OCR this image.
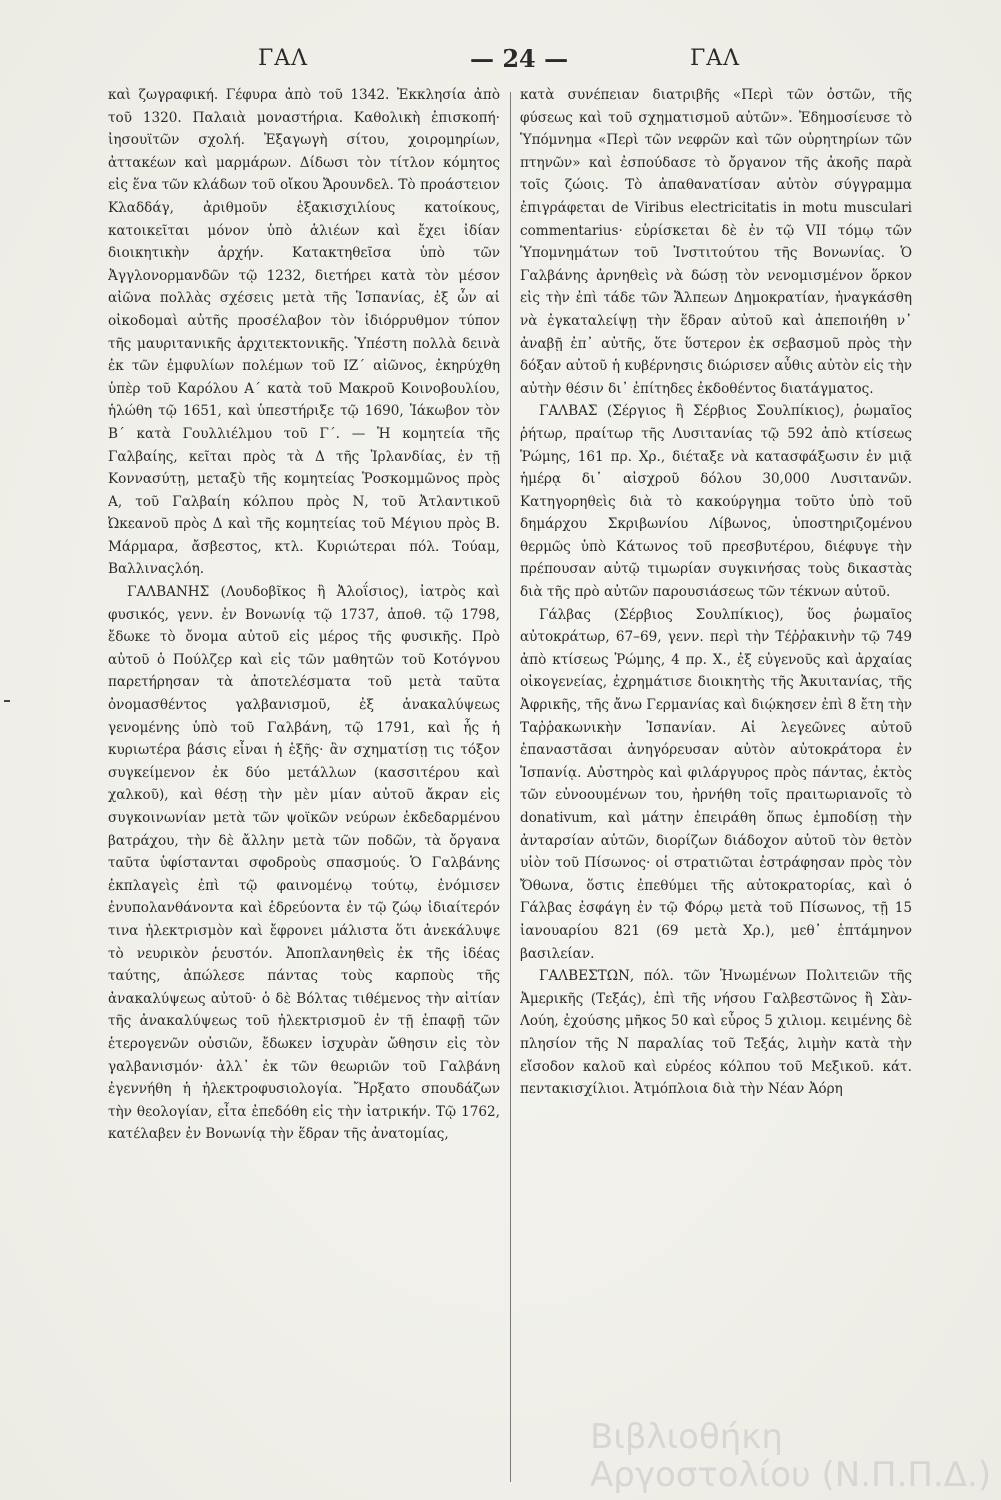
ΓΑΛ	— 24 —	ΓΑΛ

καὶ ζωγραφική. Γέφυρα ἀπὸ τοῦ 1342. Ἐκκλησία ἀπὸ τοῦ 1320. Παλαιὰ μοναστήρια. Καθολικὴ ἐπισκοπή· ἰησουϊτῶν σχολή. Ἐξαγωγὴ σίτου, χοιρομηρίων, ἀττακέων καὶ μαρμάρων. Δίδωσι τὸν τίτλον κόμητος εἰς ἕνα τῶν κλάδων τοῦ οἴκου Ἄρουνδελ. Τὸ προάστειον Κλαδδάγ, ἀριθμοῦν ἑξακισχιλίους κατοίκους, κατοικεῖται μόνον ὑπὸ ἁλιέων καὶ ἔχει ἰδίαν διοικητικὴν ἀρχήν. Κατακτηθεῖσα ὑπὸ τῶν Ἀγγλονορμανδῶν τῷ 1232, διετήρει κατὰ τὸν μέσον αἰῶνα πολλὰς σχέσεις μετὰ τῆς Ἱσπανίας, ἐξ ὧν αἱ οἰκοδομαὶ αὐτῆς προσέλαβον τὸν ἰδιόρρυθμον τύπον τῆς μαυριτανικῆς ἀρχιτεκτονικῆς. Ὑπέστη πολλὰ δεινὰ ἐκ τῶν ἐμφυλίων πολέμων τοῦ ΙΖ´ αἰῶνος, ἐκηρύχθη ὑπὲρ τοῦ Καρόλου Α´ κατὰ τοῦ Μακροῦ Κοινοβουλίου, ἡλώθη τῷ 1651, καὶ ὑπεστήριξε τῷ 1690, Ἰάκωβον τὸν Β´ κατὰ Γουλλιέλμου τοῦ Γ´. — Ἡ κομητεία τῆς Γαλβαίης, κεῖται πρὸς τὰ Δ τῆς Ἰρλανδίας, ἐν τῇ Κοννασύτῃ, μεταξὺ τῆς κομητείας Ῥοσκομμῶνος πρὸς Α, τοῦ Γαλβαίη κόλπου πρὸς Ν, τοῦ Ἀτλαντικοῦ Ὠκεανοῦ πρὸς Δ καὶ τῆς κομητείας τοῦ Μέγιου πρὸς Β. Μάρμαρα, ἄσβεστος, κτλ. Κυριώτεραι πόλ. Τούαμ, Βαλλιναςλόη.

ΓΑΛΒΑΝΗΣ (Λουδοβῖκος ἢ Ἀλοΐσιος), ἰατρὸς καὶ φυσικός, γενν. ἐν Βονωνίᾳ τῷ 1737, ἀποθ. τῷ 1798, ἔδωκε τὸ ὄνομα αὐτοῦ εἰς μέρος τῆς φυσικῆς. Πρὸ αὐτοῦ ὁ Πούλζερ καὶ εἰς τῶν μαθητῶν τοῦ Κοτόγνου παρετήρησαν τὰ ἀποτελέσματα τοῦ μετὰ ταῦτα ὀνομασθέντος γαλβανισμοῦ, ἐξ ἀνακαλύψεως γενομένης ὑπὸ τοῦ Γαλβάνη, τῷ 1791, καὶ ἧς ἡ κυριωτέρα βάσις εἶναι ἡ ἑξῆς· ἂν σχηματίσῃ τις τόξον συγκείμενον ἐκ δύο μετάλλων (κασσιτέρου καὶ χαλκοῦ), καὶ θέσῃ τὴν μὲν μίαν αὐτοῦ ἄκραν εἰς συγκοινωνίαν μετὰ τῶν ψοϊκῶν νεύρων ἐκδεδαρμένου βατράχου, τὴν δὲ ἄλλην μετὰ τῶν ποδῶν, τὰ ὄργανα ταῦτα ὑφίστανται σφοδροὺς σπασμούς. Ὁ Γαλβάνης ἐκπλαγεὶς ἐπὶ τῷ φαινομένῳ τούτῳ, ἐνόμισεν ἐνυπολανθάνοντα καὶ ἑδρεύοντα ἐν τῷ ζώῳ ἰδιαίτερόν τινα ἠλεκτρισμὸν καὶ ἔφρονει μάλιστα ὅτι ἀνεκάλυψε τὸ νευρικὸν ῥευστόν. Ἀποπλανηθεὶς ἐκ τῆς ἰδέας ταύτης, ἀπώλεσε πάντας τοὺς καρποὺς τῆς ἀνακαλύψεως αὐτοῦ· ὁ δὲ Βόλτας τιθέμενος τὴν αἰτίαν τῆς ἀνακαλύψεως τοῦ ἠλεκτρισμοῦ ἐν τῇ ἐπαφῇ τῶν ἑτερογενῶν οὐσιῶν, ἔδωκεν ἰσχυρὰν ὤθησιν εἰς τὸν γαλβανισμόν· ἀλλ᾽ ἐκ τῶν θεωριῶν τοῦ Γαλβάνη ἐγεννήθη ἡ ἠλεκτροφυσιολογία. Ἤρξατο σπουδάζων τὴν θεολογίαν, εἶτα ἐπεδόθη εἰς τὴν ἰατρικήν. Τῷ 1762, κατέλαβεν ἐν Βονωνίᾳ τὴν ἕδραν τῆς ἀνατομίας,

κατὰ συνέπειαν διατριβῆς «Περὶ τῶν ὀστῶν, τῆς φύσεως καὶ τοῦ σχηματισμοῦ αὐτῶν». Ἐδημοσίευσε τὸ Ὑπόμνημα «Περὶ τῶν νεφρῶν καὶ τῶν οὐρητηρίων τῶν πτηνῶν» καὶ ἐσπούδασε τὸ ὄργανον τῆς ἀκοῆς παρὰ τοῖς ζώοις. Τὸ ἀπαθανατίσαν αὐτὸν σύγγραμμα ἐπιγράφεται de Viribus electricitatis in motu musculari commentarius· εὑρίσκεται δὲ ἐν τῷ VII τόμῳ τῶν Ὑπομνημάτων τοῦ Ἰνστιτούτου τῆς Βονωνίας. Ὁ Γαλβάνης ἀρνηθεὶς νὰ δώσῃ τὸν νενομισμένον ὅρκον εἰς τὴν ἐπὶ τάδε τῶν Ἄλπεων Δημοκρατίαν, ἠναγκάσθη νὰ ἐγκαταλείψῃ τὴν ἕδραν αὐτοῦ καὶ ἀπεποιήθη ν᾽ ἀναβῇ ἐπ᾽ αὐτῆς, ὅτε ὕστερον ἐκ σεβασμοῦ πρὸς τὴν δόξαν αὐτοῦ ἡ κυβέρνησις διώρισεν αὖθις αὐτὸν εἰς τὴν αὐτὴν θέσιν δι᾽ ἐπίτηδες ἐκδοθέντος διατάγματος.

ΓΑΛΒΑΣ (Σέργιος ἢ Σέρβιος Σουλπίκιος), ῥωμαῖος ῥήτωρ, πραίτωρ τῆς Λυσιτανίας τῷ 592 ἀπὸ κτίσεως Ῥώμης, 161 πρ. Χρ., διέταξε νὰ κατασφάξωσιν ἐν μιᾷ ἡμέρᾳ δι᾽ αἰσχροῦ δόλου 30,000 Λυσιτανῶν. Κατηγορηθεὶς διὰ τὸ κακούργημα τοῦτο ὑπὸ τοῦ δημάρχου Σκριβωνίου Λίβωνος, ὑποστηριζομένου θερμῶς ὑπὸ Κάτωνος τοῦ πρεσβυτέρου, διέφυγε τὴν πρέπουσαν αὐτῷ τιμωρίαν συγκινήσας τοὺς δικαστὰς διὰ τῆς πρὸ αὐτῶν παρουσιάσεως τῶν τέκνων αὐτοῦ.

Γάλβας (Σέρβιος Σουλπίκιος), ὕος ῥωμαῖος αὐτοκράτωρ, 67–69, γενν. περὶ τὴν Τέῤῥακινὴν τῷ 749 ἀπὸ κτίσεως Ῥώμης, 4 πρ. Χ., ἐξ εὐγενοῦς καὶ ἀρχαίας οἰκογενείας, ἐχρημάτισε διοικητὴς τῆς Ἀκυιτανίας, τῆς Ἀφρικῆς, τῆς ἄνω Γερμανίας καὶ διῴκησεν ἐπὶ 8 ἔτη τὴν Ταῤῥακωνικὴν Ἱσπανίαν. Αἱ λεγεῶνες αὐτοῦ ἐπαναστᾶσαι ἀνηγόρευσαν αὐτὸν αὐτοκράτορα ἐν Ἱσπανίᾳ. Αὐστηρὸς καὶ φιλάργυρος πρὸς πάντας, ἐκτὸς τῶν εὐνοουμένων του, ἠρνήθη τοῖς πραιτωριανοῖς τὸ donativum, καὶ μάτην ἐπειράθη ὅπως ἐμποδίσῃ τὴν ἀνταρσίαν αὐτῶν, διορίζων διάδοχον αὐτοῦ τὸν θετὸν υἱὸν τοῦ Πίσωνος· οἱ στρατιῶται ἐστράφησαν πρὸς τὸν Ὄθωνα, ὅστις ἐπεθύμει τῆς αὐτοκρατορίας, καὶ ὁ Γάλβας ἐσφάγη ἐν τῷ Φόρῳ μετὰ τοῦ Πίσωνος, τῇ 15 ἰανουαρίου 821 (69 μετὰ Χρ.), μεθ᾽ ἑπτάμηνον βασιλείαν.

ΓΑΛΒΕΣΤΩΝ, πόλ. τῶν Ἡνωμένων Πολιτειῶν τῆς Ἀμερικῆς (Τεξάς), ἐπὶ τῆς νήσου Γαλβεστῶνος ἢ Σὰν-Λούη, ἐχούσης μῆκος 50 καὶ εὖρος 5 χιλιομ. κειμένης δὲ πλησίον τῆς Ν παραλίας τοῦ Τεξάς, λιμὴν κατὰ τὴν εἴσοδον καλοῦ καὶ εὐρέος κόλπου τοῦ Μεξικοῦ. κάτ. πεντακισχίλιοι. Ἀτμόπλοια διὰ τὴν Νέαν Ἀόρη

Βιβλιοθήκη
Αργοστολίου (Ν.Π.Π.Δ.)
